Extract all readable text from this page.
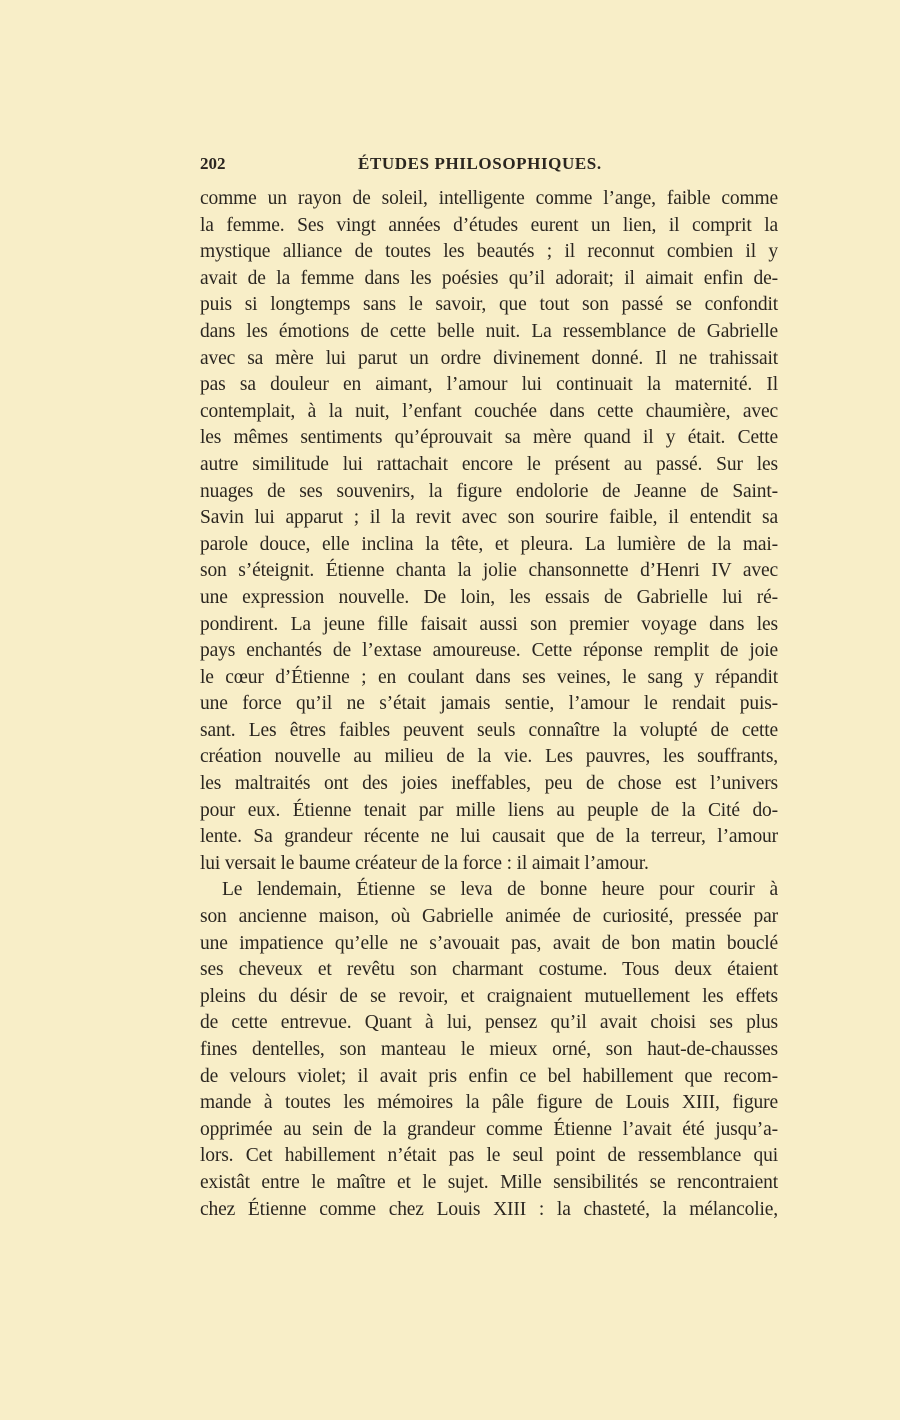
202	ÉTUDES PHILOSOPHIQUES.
comme un rayon de soleil, intelligente comme l’ange, faible comme
la femme. Ses vingt années d’études eurent un lien, il comprit la
mystique alliance de toutes les beautés ; il reconnut combien il y
avait de la femme dans les poésies qu’il adorait; il aimait enfin de-
puis si longtemps sans le savoir, que tout son passé se confondit
dans les émotions de cette belle nuit. La ressemblance de Gabrielle
avec sa mère lui parut un ordre divinement donné. Il ne trahissait
pas sa douleur en aimant, l’amour lui continuait la maternité. Il
contemplait, à la nuit, l’enfant couchée dans cette chaumière, avec
les mêmes sentiments qu’éprouvait sa mère quand il y était. Cette
autre similitude lui rattachait encore le présent au passé. Sur les
nuages de ses souvenirs, la figure endolorie de Jeanne de Saint-
Savin lui apparut ; il la revit avec son sourire faible, il entendit sa
parole douce, elle inclina la tête, et pleura. La lumière de la mai-
son s’éteignit. Étienne chanta la jolie chansonnette d’Henri IV avec
une expression nouvelle. De loin, les essais de Gabrielle lui ré-
pondirent. La jeune fille faisait aussi son premier voyage dans les
pays enchantés de l’extase amoureuse. Cette réponse remplit de joie
le cœur d’Étienne ; en coulant dans ses veines, le sang y répandit
une force qu’il ne s’était jamais sentie, l’amour le rendait puis-
sant. Les êtres faibles peuvent seuls connaître la volupté de cette
création nouvelle au milieu de la vie. Les pauvres, les souffrants,
les maltraités ont des joies ineffables, peu de chose est l’univers
pour eux. Étienne tenait par mille liens au peuple de la Cité do-
lente. Sa grandeur récente ne lui causait que de la terreur, l’amour
lui versait le baume créateur de la force : il aimait l’amour.
Le lendemain, Étienne se leva de bonne heure pour courir à
son ancienne maison, où Gabrielle animée de curiosité, pressée par
une impatience qu’elle ne s’avouait pas, avait de bon matin bouclé
ses cheveux et revêtu son charmant costume. Tous deux étaient
pleins du désir de se revoir, et craignaient mutuellement les effets
de cette entrevue. Quant à lui, pensez qu’il avait choisi ses plus
fines dentelles, son manteau le mieux orné, son haut-de-chausses
de velours violet; il avait pris enfin ce bel habillement que recom-
mande à toutes les mémoires la pâle figure de Louis XIII, figure
opprimée au sein de la grandeur comme Étienne l’avait été jusqu’a-
lors. Cet habillement n’était pas le seul point de ressemblance qui
existât entre le maître et le sujet. Mille sensibilités se rencontraient
chez Étienne comme chez Louis XIII : la chasteté, la mélancolie,
